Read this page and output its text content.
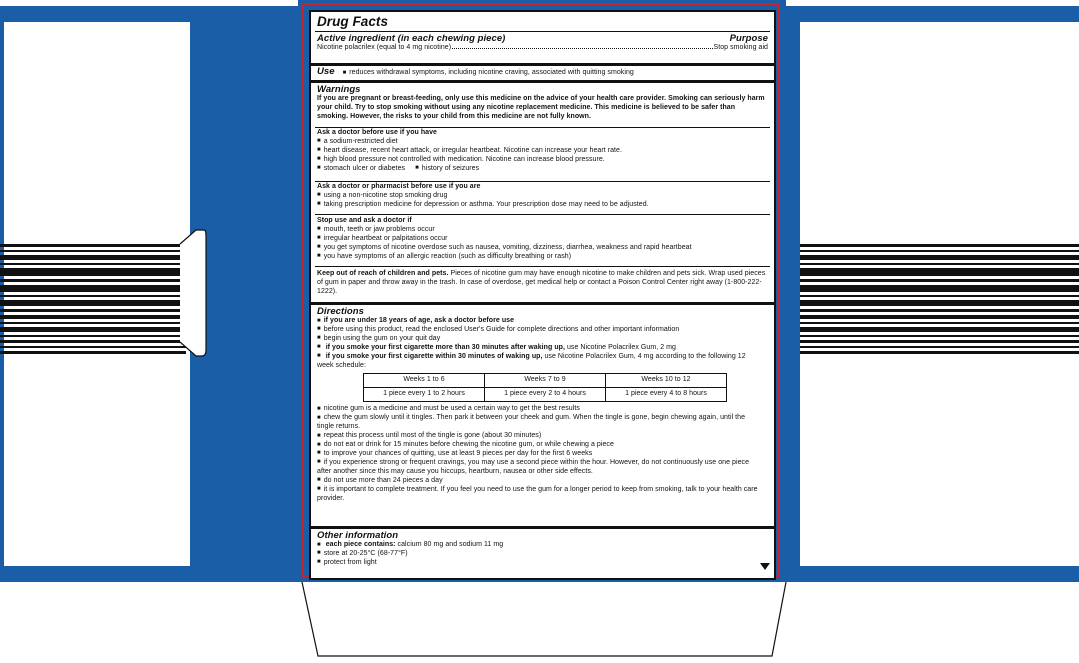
Drug Facts
Active ingredient (in each chewing piece)	Purpose
Nicotine polacrilex (equal to 4 mg nicotine)	Stop smoking aid
Use ■ reduces withdrawal symptoms, including nicotine craving, associated with quitting smoking
Warnings
If you are pregnant or breast-feeding, only use this medicine on the advice of your health care provider. Smoking can seriously harm your child. Try to stop smoking without using any nicotine replacement medicine. This medicine is believed to be safer than smoking. However, the risks to your child from this medicine are not fully known.
Ask a doctor before use if you have
■ a sodium-restricted diet
■ heart disease, recent heart attack, or irregular heartbeat. Nicotine can increase your heart rate.
■ high blood pressure not controlled with medication. Nicotine can increase blood pressure.
■ stomach ulcer or diabetes ■ history of seizures
Ask a doctor or pharmacist before use if you are
■ using a non-nicotine stop smoking drug
■ taking prescription medicine for depression or asthma. Your prescription dose may need to be adjusted.
Stop use and ask a doctor if
■ mouth, teeth or jaw problems occur
■ irregular heartbeat or palpitations occur
■ you get symptoms of nicotine overdose such as nausea, vomiting, dizziness, diarrhea, weakness and rapid heartbeat
■ you have symptoms of an allergic reaction (such as difficulty breathing or rash)
Keep out of reach of children and pets. Pieces of nicotine gum may have enough nicotine to make children and pets sick. Wrap used pieces of gum in paper and throw away in the trash. In case of overdose, get medical help or contact a Poison Control Center right away (1-800-222-1222).
Directions
■ if you are under 18 years of age, ask a doctor before use
■ before using this product, read the enclosed User's Guide for complete directions and other important information
■ begin using the gum on your quit day
■ if you smoke your first cigarette more than 30 minutes after waking up, use Nicotine Polacrilex Gum, 2 mg
■ if you smoke your first cigarette within 30 minutes of waking up, use Nicotine Polacrilex Gum, 4 mg according to the following 12 week schedule:
Weeks 1 to 6	Weeks 7 to 9	Weeks 10 to 12
1 piece every 1 to 2 hours	1 piece every 2 to 4 hours	1 piece every 4 to 8 hours
■ nicotine gum is a medicine and must be used a certain way to get the best results
■ chew the gum slowly until it tingles. Then park it between your cheek and gum. When the tingle is gone, begin chewing again, until the tingle returns.
■ repeat this process until most of the tingle is gone (about 30 minutes)
■ do not eat or drink for 15 minutes before chewing the nicotine gum, or while chewing a piece
■ to improve your chances of quitting, use at least 9 pieces per day for the first 6 weeks
■ if you experience strong or frequent cravings, you may use a second piece within the hour. However, do not continuously use one piece after another since this may cause you hiccups, heartburn, nausea or other side effects.
■ do not use more than 24 pieces a day
■ it is important to complete treatment. If you feel you need to use the gum for a longer period to keep from smoking, talk to your health care provider.
Other information
■ each piece contains: calcium 80 mg and sodium 11 mg
■ store at 20-25°C (68-77°F)
■ protect from light
